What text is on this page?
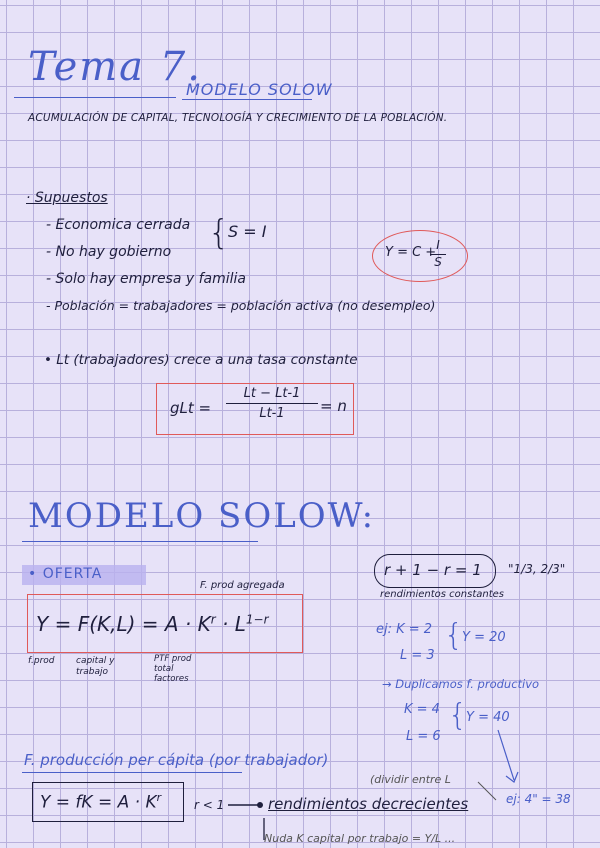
Tema 7.
MODELO SOLOW
ACUMULACIÓN DE CAPITAL, TECNOLOGÍA Y CRECIMIENTO DE LA POBLACIÓN.
· Supuestos
- Economica cerrada
- No hay gobierno
- Solo hay empresa y familia
- Población = trabajadores = población activa (no desempleo)
{
S = I
Y = C + I
S
• Lt (trabajadores) crece a una tasa constante
gLt =
Lt − Lt-1
Lt-1	= n
MODELO SOLOW:
• OFERTA
F. prod agregada
$Y = F(K,L) = A \cdot K^r \cdot L^{1-r}$
f.prod capital y trabajo
PTF prod total factores
r + 1 − r = 1 "1/3, 2/3"
rendimientos constantes
ej: K = 2
L = 3
{
Y = 20
→ Duplicamos f. productivo
K = 4
L = 6
{
Y = 40
(dividir entre L
ej: 4" = 38
F. producción per cápita (por trabajador)
Y = fK = $A \cdot K^r$
r < 1	rendimientos decrecientes
Nuda K capital por trabajo = Y/L ...
